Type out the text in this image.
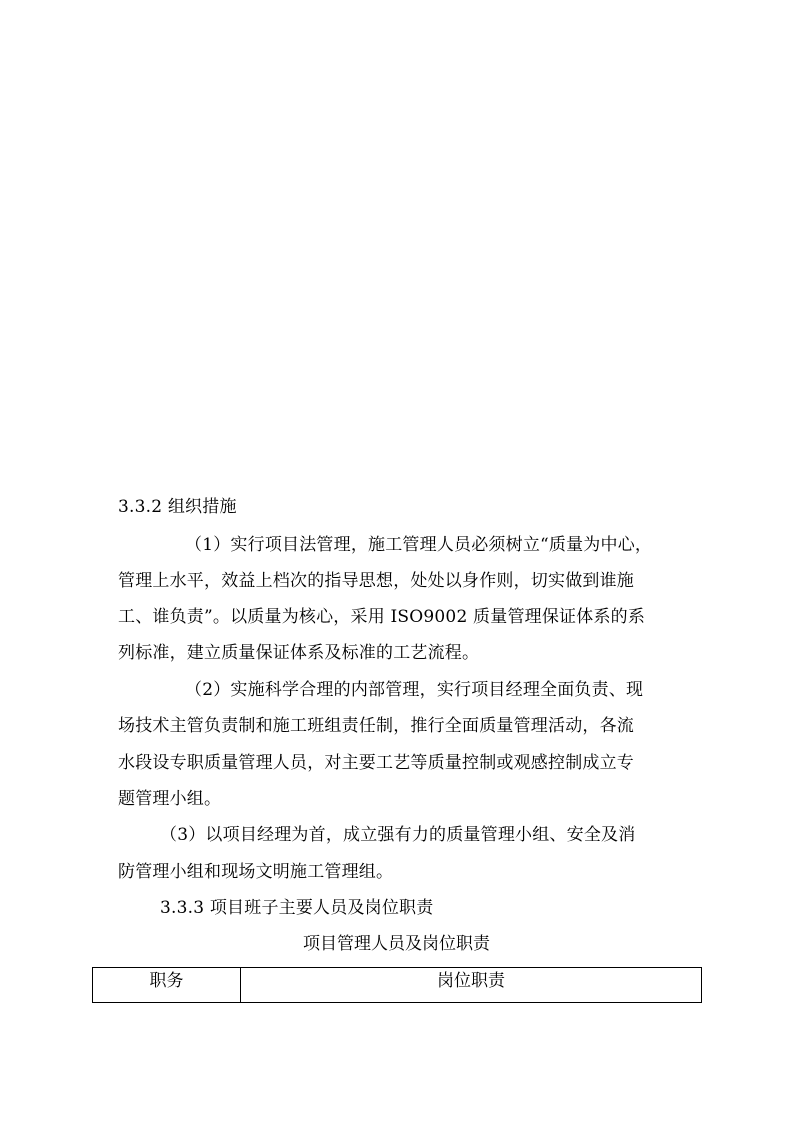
3.3.2 组织措施
（1）实行项目法管理，施工管理人员必须树立“质量为中心，
管理上水平，效益上档次的指导思想，处处以身作则，切实做到谁施
工、谁负责”。以质量为核心，采用 ISO9002 质量管理保证体系的系
列标准，建立质量保证体系及标准的工艺流程。
（2）实施科学合理的内部管理，实行项目经理全面负责、现
场技术主管负责制和施工班组责任制，推行全面质量管理活动，各流
水段设专职质量管理人员，对主要工艺等质量控制或观感控制成立专
题管理小组。
（3）以项目经理为首，成立强有力的质量管理小组、安全及消
防管理小组和现场文明施工管理组。
3.3.3 项目班子主要人员及岗位职责
项目管理人员及岗位职责
职务	岗位职责
